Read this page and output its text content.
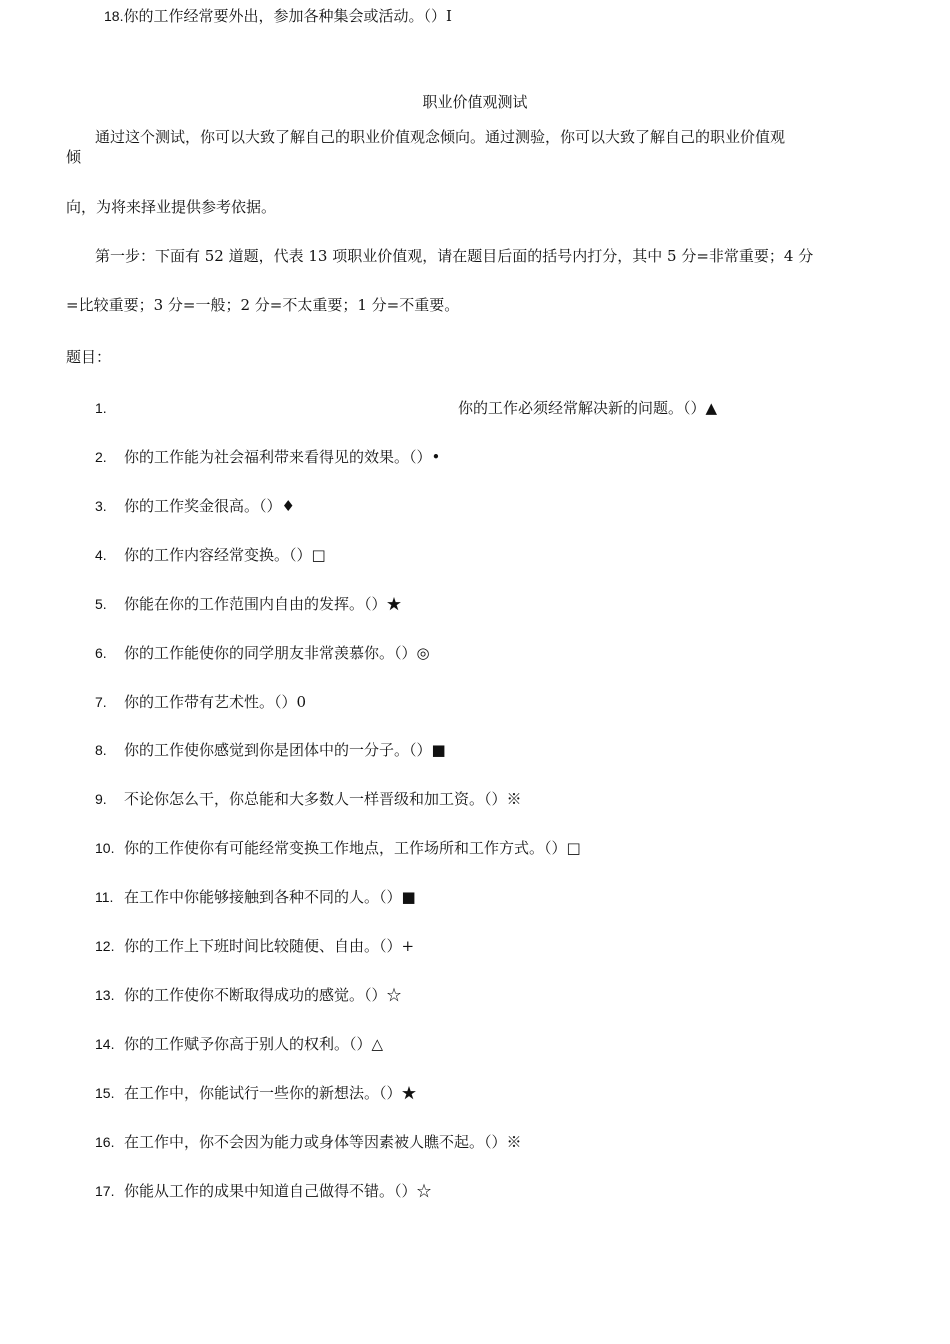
18.你的工作经常要外出，参加各种集会或活动。（）Ⅰ
职业价值观测试
通过这个测试，你可以大致了解自己的职业价值观念倾向。通过测验，你可以大致了解自己的职业价值观
倾
向，为将来择业提供参考依据。
第一步：下面有 52 道题，代表 13 项职业价值观，请在题目后面的括号内打分，其中 5 分=非常重要；4 分
=比较重要；3 分=一般；2 分=不太重要；1 分=不重要。
题目：
1.	你的工作必须经常解决新的问题。（）▲
2. 你的工作能为社会福利带来看得见的效果。（）•
3. 你的工作奖金很高。（）♦
4. 你的工作内容经常变换。（）□
5. 你能在你的工作范围内自由的发挥。（）★
6. 你的工作能使你的同学朋友非常羡慕你。（）◎
7. 你的工作带有艺术性。（）0
8. 你的工作使你感觉到你是团体中的一分子。（）■
9. 不论你怎么干，你总能和大多数人一样晋级和加工资。（）※
10. 你的工作使你有可能经常变换工作地点，工作场所和工作方式。（）□
11. 在工作中你能够接触到各种不同的人。（）■
12. 你的工作上下班时间比较随便、自由。（）+
13. 你的工作使你不断取得成功的感觉。（）☆
14. 你的工作赋予你高于别人的权利。（）△
15. 在工作中，你能试行一些你的新想法。（）★
16. 在工作中，你不会因为能力或身体等因素被人瞧不起。（）※
17. 你能从工作的成果中知道自己做得不错。（）☆
